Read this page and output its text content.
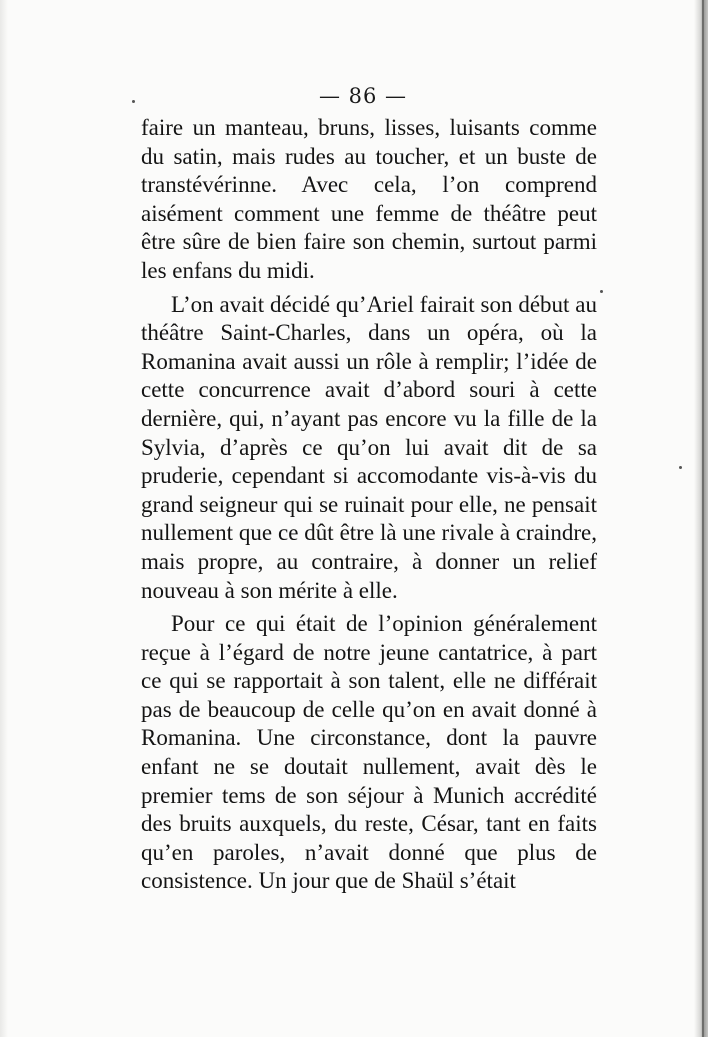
— 86 —

faire un manteau, bruns, lisses, luisants comme du satin, mais rudes au toucher, et un buste de transtévérinne. Avec cela, l’on comprend aisément comment une femme de théâtre peut être sûre de bien faire son chemin, surtout parmi les enfans du midi.

L’on avait décidé qu’Ariel fairait son début au théâtre Saint-Charles, dans un opéra, où la Romanina avait aussi un rôle à remplir; l’idée de cette concurrence avait d’abord souri à cette dernière, qui, n’ayant pas encore vu la fille de la Sylvia, d’après ce qu’on lui avait dit de sa pruderie, cependant si accomodante vis-à-vis du grand seigneur qui se ruinait pour elle, ne pensait nullement que ce dût être là une rivale à craindre, mais propre, au contraire, à donner un relief nouveau à son mérite à elle.

Pour ce qui était de l’opinion généralement reçue à l’égard de notre jeune cantatrice, à part ce qui se rapportait à son talent, elle ne différait pas de beaucoup de celle qu’on en avait donné à Romanina. Une circonstance, dont la pauvre enfant ne se doutait nullement, avait dès le premier tems de son séjour à Munich accrédité des bruits auxquels, du reste, César, tant en faits qu’en paroles, n’avait donné que plus de consistence. Un jour que de Shaül s’était
